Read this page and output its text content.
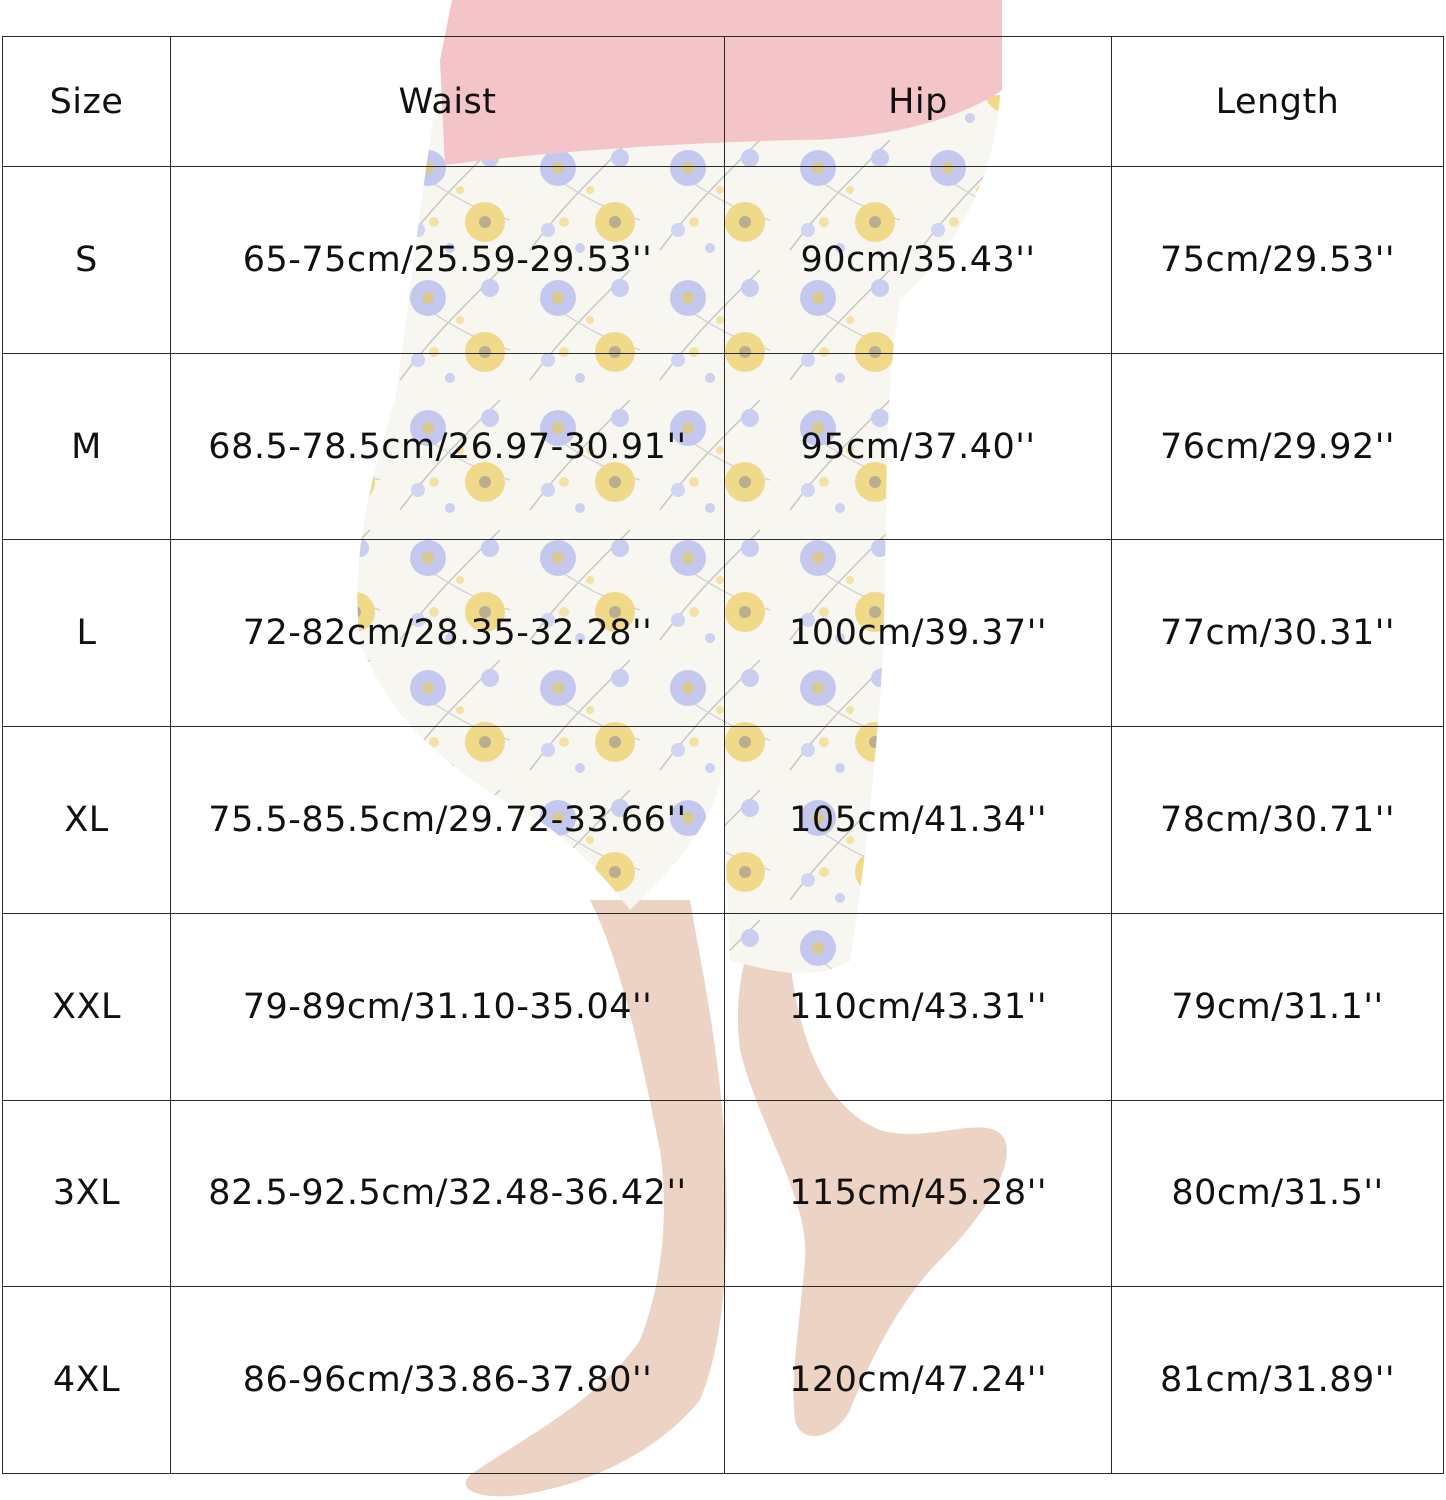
Size	Waist	Hip	Length
S	65-75cm/25.59-29.53''	90cm/35.43''	75cm/29.53''
M	68.5-78.5cm/26.97-30.91''	95cm/37.40''	76cm/29.92''
L	72-82cm/28.35-32.28''	100cm/39.37''	77cm/30.31''
XL	75.5-85.5cm/29.72-33.66''	105cm/41.34''	78cm/30.71''
XXL	79-89cm/31.10-35.04''	110cm/43.31''	79cm/31.1''
3XL	82.5-92.5cm/32.48-36.42''	115cm/45.28''	80cm/31.5''
4XL	86-96cm/33.86-37.80''	120cm/47.24''	81cm/31.89''
